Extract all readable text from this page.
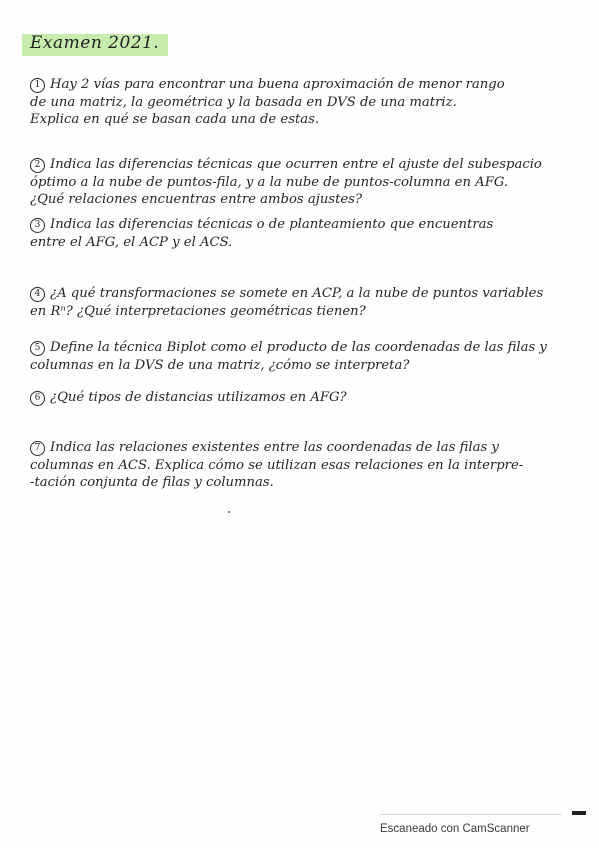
Examen 2021.
1 Hay 2 vías para encontrar una buena aproximación de menor rango
de una matriz, la geométrica y la basada en DVS de una matriz.
Explica en qué se basan cada una de estas.
2 Indica las diferencias técnicas que ocurren entre el ajuste del subespacio
óptimo a la nube de puntos-fila, y a la nube de puntos-columna en AFG.
¿Qué relaciones encuentras entre ambos ajustes?
3 Indica las diferencias técnicas o de planteamiento que encuentras
entre el AFG, el ACP y el ACS.
4 ¿A qué transformaciones se somete en ACP, a la nube de puntos variables
en Rⁿ? ¿Qué interpretaciones geométricas tienen?
5 Define la técnica Biplot como el producto de las coordenadas de las filas y
columnas en la DVS de una matriz, ¿cómo se interpreta?
6 ¿Qué tipos de distancias utilizamos en AFG?
7 Indica las relaciones existentes entre las coordenadas de las filas y
columnas en ACS. Explica cómo se utilizan esas relaciones en la interpre-
-tación conjunta de filas y columnas.
Escaneado con CamScanner
